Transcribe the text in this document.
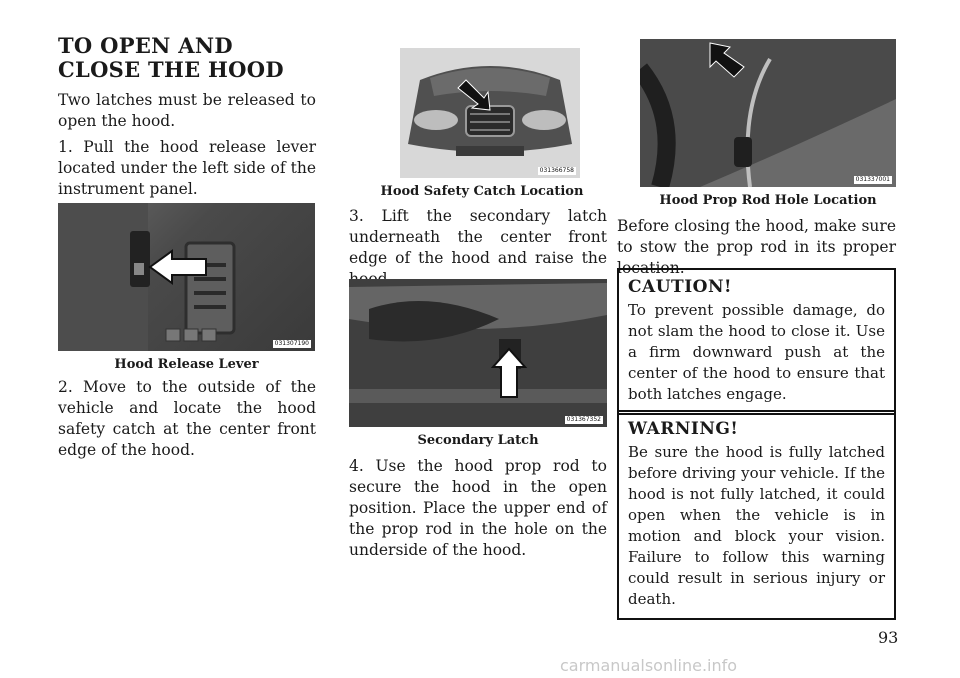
TO OPEN AND CLOSE THE HOOD

Two latches must be released to open the hood.

1. Pull the hood release lever located under the left side of the instrument panel.

031307190
Hood Release Lever

2. Move to the outside of the vehicle and locate the hood safety catch at the center front edge of the hood.

031366758
Hood Safety Catch Location

3. Lift the secondary latch underneath the center front edge of the hood and raise the

031367352
Secondary Latch

4. Use the hood prop rod to secure the hood in the open position. Place the upper end of the prop rod in the hole on the underside of the hood.

031337001
Hood Prop Rod Hole Location

Before closing the hood, make sure to stow the prop rod in its proper location.

CAUTION!

To prevent possible damage, do not slam the hood to close it. Use a firm downward push at the center of the hood to ensure that both latches engage.

WARNING!

Be sure the hood is fully latched before driving your vehicle. If the hood is not fully latched, it could open when the vehicle is in motion and block your vision. Failure to follow this warning could result in serious injury or death.

93
carmanualsonline.info
